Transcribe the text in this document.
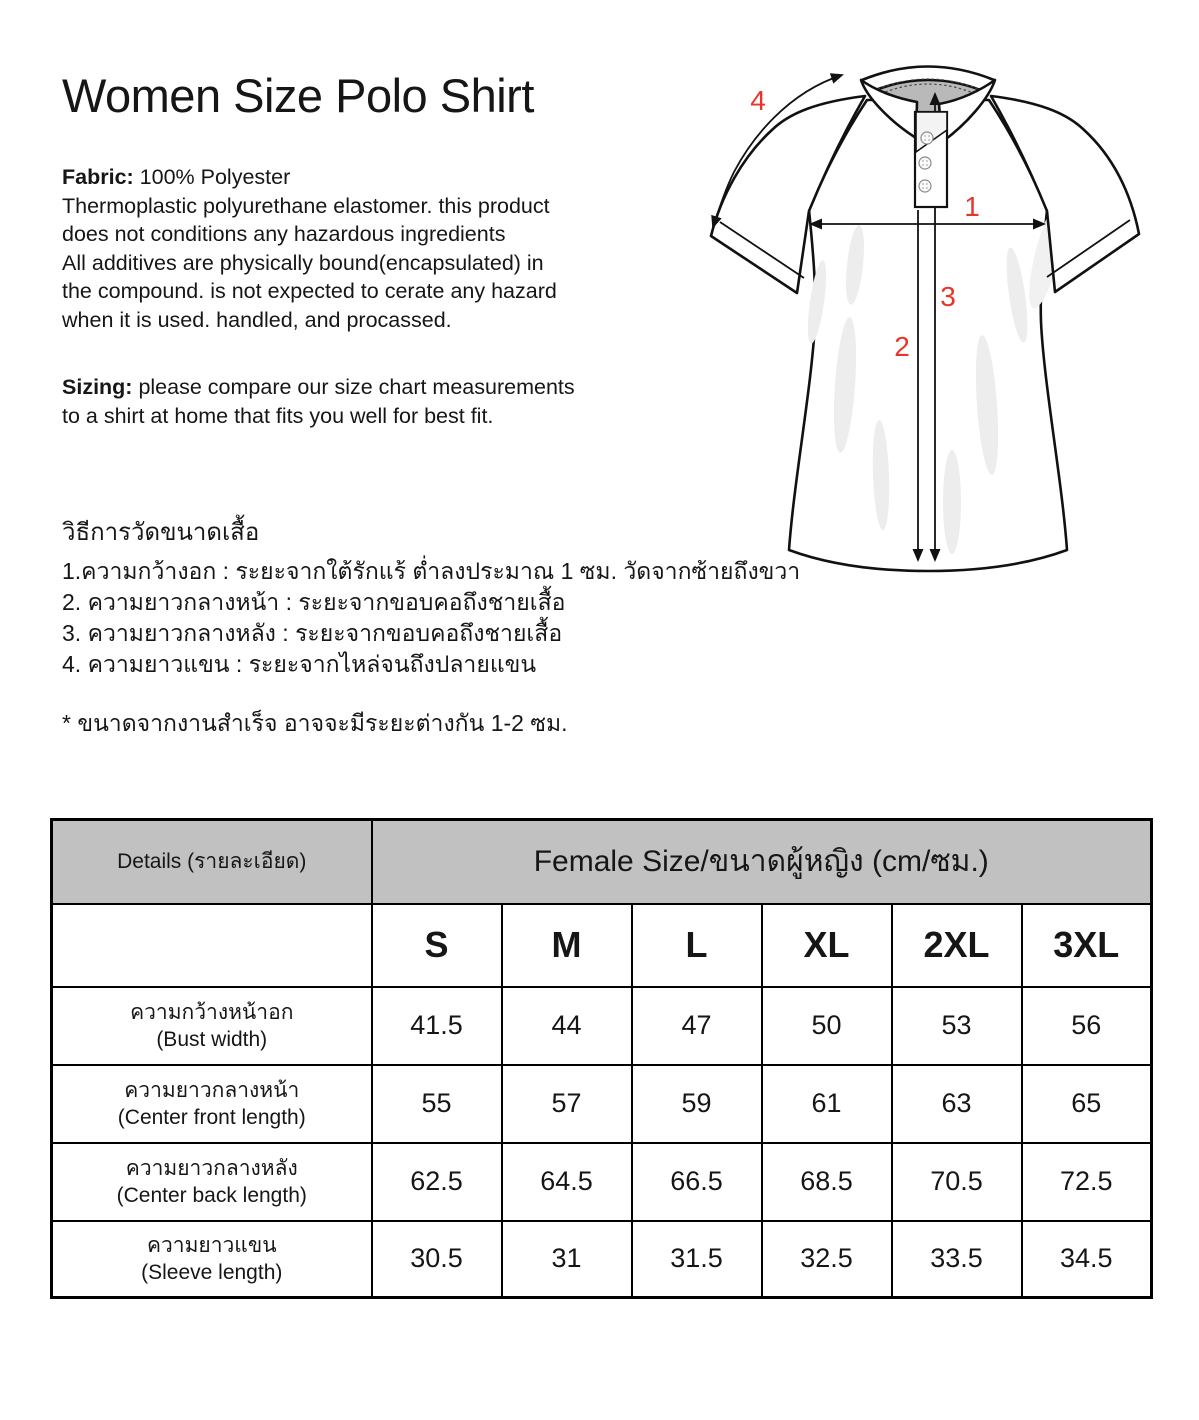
Women Size Polo Shirt
Fabric: 100% Polyester
Thermoplastic polyurethane elastomer. this product
does not conditions any hazardous ingredients
All additives are physically bound(encapsulated) in
the compound. is not expected to cerate any hazard
when it is used. handled, and procassed.
Sizing: please compare our size chart measurements
to a shirt at home that fits you well for best fit.
วิธีการวัดขนาดเสื้อ
1.ความกว้างอก : ระยะจากใต้รักแร้ ต่ำลงประมาณ 1 ซม. วัดจากซ้ายถึงขวา
2. ความยาวกลางหน้า : ระยะจากขอบคอถึงชายเสื้อ
3. ความยาวกลางหลัง : ระยะจากขอบคอถึงชายเสื้อ
4. ความยาวแขน : ระยะจากไหล่จนถึงปลายแขน
* ขนาดจากงานสำเร็จ อาจจะมีระยะต่างกัน 1-2 ซม.
1
2
3
4
Details (รายละเอียด)	Female Size/ขนาดผู้หญิง (cm/ซม.)					
	S	M	L	XL	2XL	3XL

ความกว้างหน้าอก
(Bust width)	41.5	44	47	50	53	56

ความยาวกลางหน้า
(Center front length)	55	57	59	61	63	65

ความยาวกลางหลัง
(Center back length)	62.5	64.5	66.5	68.5	70.5	72.5

ความยาวแขน
(Sleeve length)	30.5	31	31.5	32.5	33.5	34.5
